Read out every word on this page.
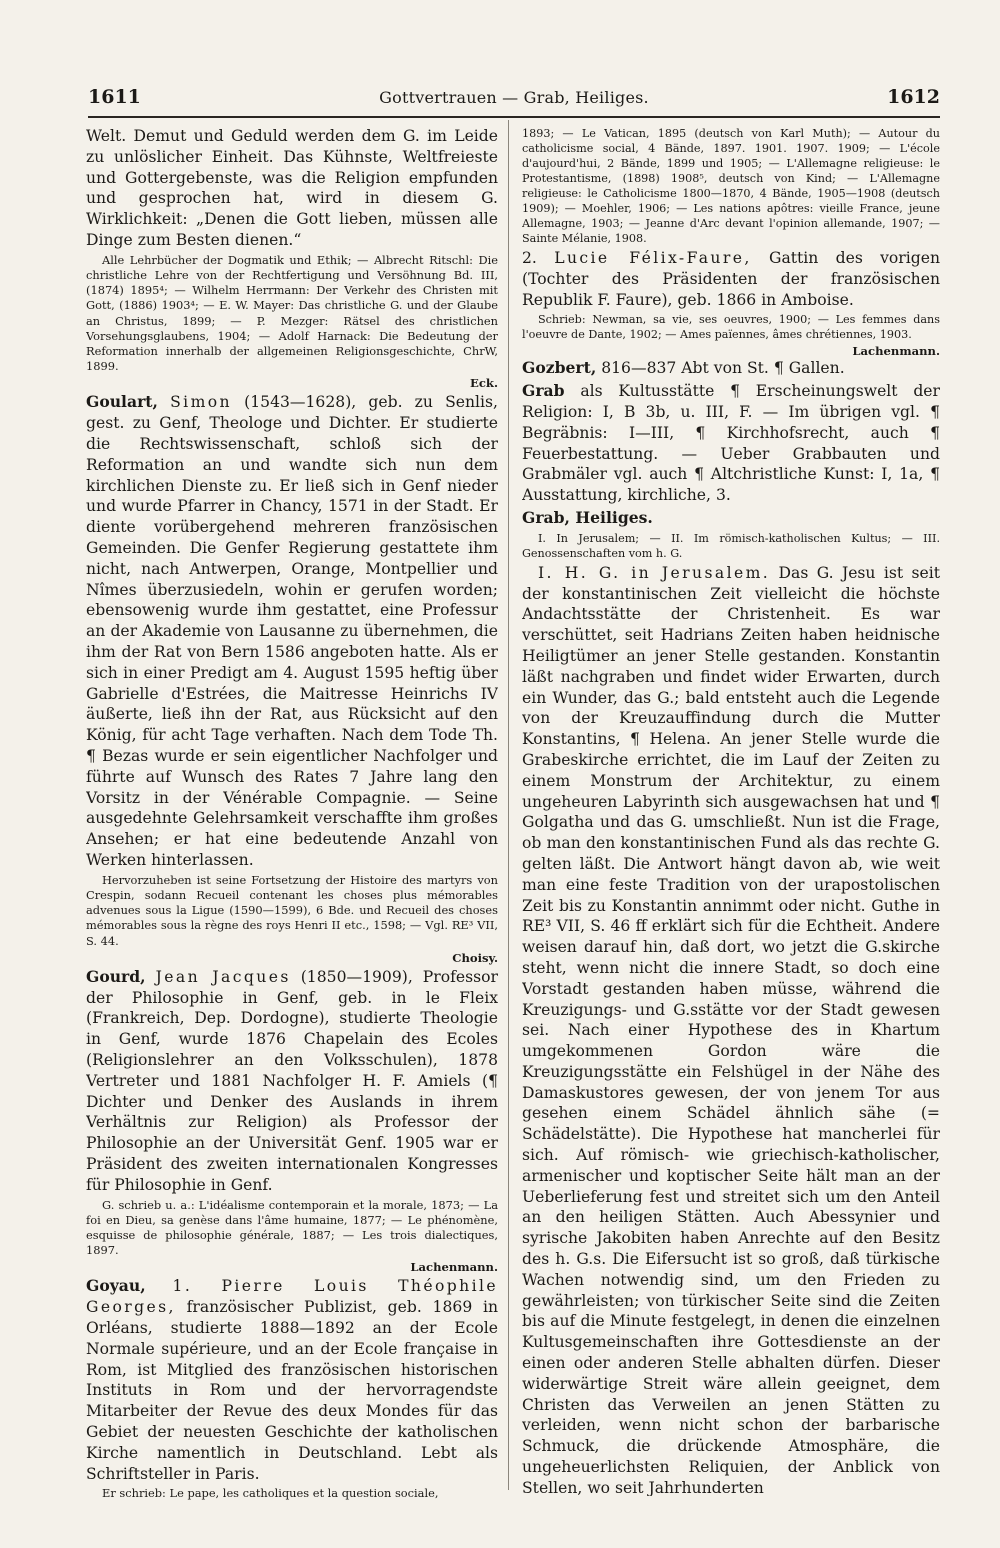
1611	Gottvertrauen — Grab, Heiliges.	1612

Welt. Demut und Geduld werden dem G. im Leide zu unlöslicher Einheit. Das Kühnste, Weltfreieste und Gottergebenste, was die Religion empfunden und gesprochen hat, wird in diesem G. Wirklichkeit: „Denen die Gott lieben, müssen alle Dinge zum Besten dienen.“

Alle Lehrbücher der Dogmatik und Ethik; — Albrecht Ritschl: Die christliche Lehre von der Rechtfertigung und Versöhnung Bd. III, (1874) 1895⁴; — Wilhelm Herrmann: Der Verkehr des Christen mit Gott, (1886) 1903⁴; — E. W. Mayer: Das christliche G. und der Glaube an Christus, 1899; — P. Mezger: Rätsel des christlichen Vorsehungsglaubens, 1904; — Adolf Harnack: Die Bedeutung der Reformation innerhalb der allgemeinen Religionsgeschichte, ChrW, 1899.

Eck.

Goulart, Simon (1543—1628), geb. zu Senlis, gest. zu Genf, Theologe und Dichter. Er studierte die Rechtswissenschaft, schloß sich der Reformation an und wandte sich nun dem kirchlichen Dienste zu. Er ließ sich in Genf nieder und wurde Pfarrer in Chancy, 1571 in der Stadt. Er diente vorübergehend mehreren französischen Gemeinden. Die Genfer Regierung gestattete ihm nicht, nach Antwerpen, Orange, Montpellier und Nîmes überzusiedeln, wohin er gerufen worden; ebensowenig wurde ihm gestattet, eine Professur an der Akademie von Lausanne zu übernehmen, die ihm der Rat von Bern 1586 angeboten hatte. Als er sich in einer Predigt am 4. August 1595 heftig über Gabrielle d'Estrées, die Maitresse Heinrichs IV äußerte, ließ ihn der Rat, aus Rücksicht auf den König, für acht Tage verhaften. Nach dem Tode Th. ¶ Bezas wurde er sein eigentlicher Nachfolger und führte auf Wunsch des Rates 7 Jahre lang den Vorsitz in der Vénérable Compagnie. — Seine ausgedehnte Gelehrsamkeit verschaffte ihm großes Ansehen; er hat eine bedeutende Anzahl von Werken hinterlassen.

Hervorzuheben ist seine Fortsetzung der Histoire des martyrs von Crespin, sodann Recueil contenant les choses plus mémorables advenues sous la Ligue (1590—1599), 6 Bde. und Recueil des choses mémorables sous la règne des roys Henri II etc., 1598; — Vgl. RE³ VII, S. 44.

Choisy.

Gourd, Jean Jacques (1850—1909), Professor der Philosophie in Genf, geb. in le Fleix (Frankreich, Dep. Dordogne), studierte Theologie in Genf, wurde 1876 Chapelain des Ecoles (Religionslehrer an den Volksschulen), 1878 Vertreter und 1881 Nachfolger H. F. Amiels (¶ Dichter und Denker des Auslands in ihrem Verhältnis zur Religion) als Professor der Philosophie an der Universität Genf. 1905 war er Präsident des zweiten internationalen Kongresses für Philosophie in Genf.

G. schrieb u. a.: L'idéalisme contemporain et la morale, 1873; — La foi en Dieu, sa genèse dans l'âme humaine, 1877; — Le phénomène, esquisse de philosophie générale, 1887; — Les trois dialectiques, 1897.

Lachenmann.

Goyau, 1. Pierre Louis Théophile Georges, französischer Publizist, geb. 1869 in Orléans, studierte 1888—1892 an der Ecole Normale supérieure, und an der Ecole française in Rom, ist Mitglied des französischen historischen Instituts in Rom und der hervorragendste Mitarbeiter der Revue des deux Mondes für das Gebiet der neuesten Geschichte der katholischen Kirche namentlich in Deutschland. Lebt als Schriftsteller in Paris.

Er schrieb: Le pape, les catholiques et la question sociale,

1893; — Le Vatican, 1895 (deutsch von Karl Muth); — Autour du catholicisme social, 4 Bände, 1897. 1901. 1907. 1909; — L'école d'aujourd'hui, 2 Bände, 1899 und 1905; — L'Allemagne religieuse: le Protestantisme, (1898) 1908⁵, deutsch von Kind; — L'Allemagne religieuse: le Catholicisme 1800—1870, 4 Bände, 1905—1908 (deutsch 1909); — Moehler, 1906; — Les nations apôtres: vieille France, jeune Allemagne, 1903; — Jeanne d'Arc devant l'opinion allemande, 1907; — Sainte Mélanie, 1908.

2. Lucie Félix-Faure, Gattin des vorigen (Tochter des Präsidenten der französischen Republik F. Faure), geb. 1866 in Amboise.

Schrieb: Newman, sa vie, ses oeuvres, 1900; — Les femmes dans l'oeuvre de Dante, 1902; — Ames païennes, âmes chrétiennes, 1903.

Lachenmann.

Gozbert, 816—837 Abt von St. ¶ Gallen.

Grab als Kultusstätte ¶ Erscheinungswelt der Religion: I, B 3b, u. III, F. — Im übrigen vgl. ¶ Begräbnis: I—III, ¶ Kirchhofsrecht, auch ¶ Feuerbestattung. — Ueber Grabbauten und Grabmäler vgl. auch ¶ Altchristliche Kunst: I, 1a, ¶ Ausstattung, kirchliche, 3.

Grab, Heiliges.

I. In Jerusalem; — II. Im römisch-katholischen Kultus; — III. Genossenschaften vom h. G.

I. H. G. in Jerusalem. Das G. Jesu ist seit der konstantinischen Zeit vielleicht die höchste Andachtsstätte der Christenheit. Es war verschüttet, seit Hadrians Zeiten haben heidnische Heiligtümer an jener Stelle gestanden. Konstantin läßt nachgraben und findet wider Erwarten, durch ein Wunder, das G.; bald entsteht auch die Legende von der Kreuzauffindung durch die Mutter Konstantins, ¶ Helena. An jener Stelle wurde die Grabeskirche errichtet, die im Lauf der Zeiten zu einem Monstrum der Architektur, zu einem ungeheuren Labyrinth sich ausgewachsen hat und ¶ Golgatha und das G. umschließt. Nun ist die Frage, ob man den konstantinischen Fund als das rechte G. gelten läßt. Die Antwort hängt davon ab, wie weit man eine feste Tradition von der urapostolischen Zeit bis zu Konstantin annimmt oder nicht. Guthe in RE³ VII, S. 46 ff erklärt sich für die Echtheit. Andere weisen darauf hin, daß dort, wo jetzt die G.skirche steht, wenn nicht die innere Stadt, so doch eine Vorstadt gestanden haben müsse, während die Kreuzigungs- und G.sstätte vor der Stadt gewesen sei. Nach einer Hypothese des in Khartum umgekommenen Gordon wäre die Kreuzigungsstätte ein Felshügel in der Nähe des Damaskustores gewesen, der von jenem Tor aus gesehen einem Schädel ähnlich sähe (= Schädelstätte). Die Hypothese hat mancherlei für sich. Auf römisch- wie griechisch-katholischer, armenischer und koptischer Seite hält man an der Ueberlieferung fest und streitet sich um den Anteil an den heiligen Stätten. Auch Abessynier und syrische Jakobiten haben Anrechte auf den Besitz des h. G.s. Die Eifersucht ist so groß, daß türkische Wachen notwendig sind, um den Frieden zu gewährleisten; von türkischer Seite sind die Zeiten bis auf die Minute festgelegt, in denen die einzelnen Kultusgemeinschaften ihre Gottesdienste an der einen oder anderen Stelle abhalten dürfen. Dieser widerwärtige Streit wäre allein geeignet, dem Christen das Verweilen an jenen Stätten zu verleiden, wenn nicht schon der barbarische Schmuck, die drückende Atmosphäre, die ungeheuerlichsten Reliquien, der Anblick von Stellen, wo seit Jahrhunderten
